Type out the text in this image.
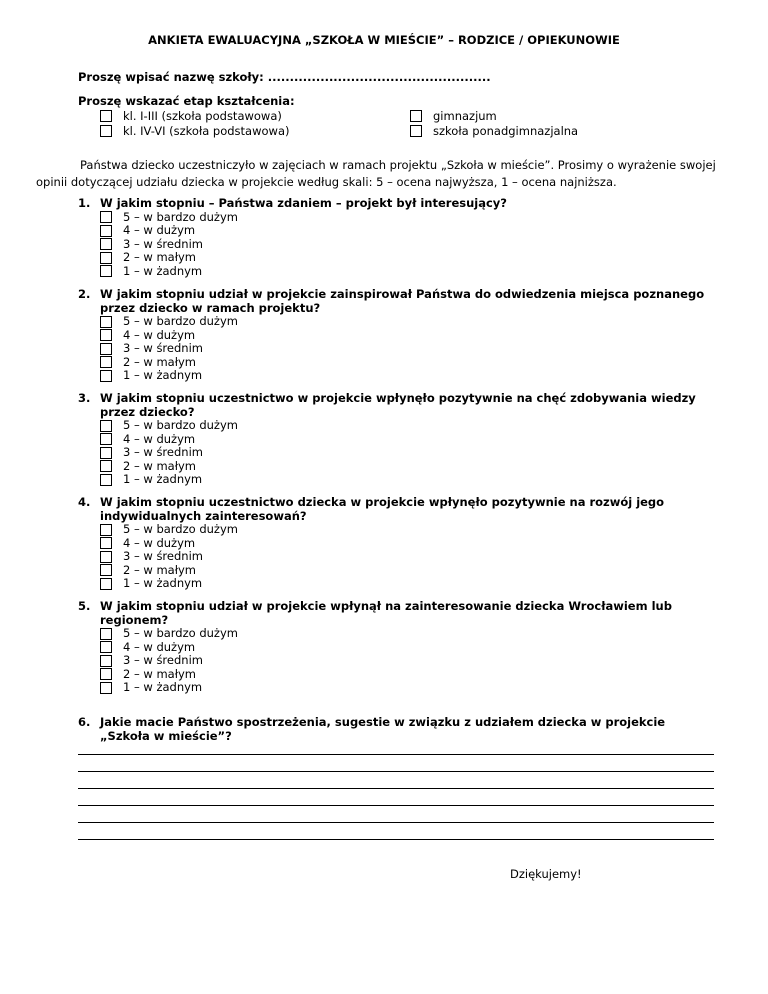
ANKIETA EWALUACYJNA „SZKOŁA W MIEŚCIE” – RODZICE / OPIEKUNOWIE
Proszę wpisać nazwę szkoły: ...................................................
Proszę wskazać etap kształcenia:
kl. I-III (szkoła podstawowa)
kl. IV-VI (szkoła podstawowa)
gimnazjum
szkoła ponadgimnazjalna
Państwa dziecko uczestniczyło w zajęciach w ramach projektu „Szkoła w mieście”. Prosimy o wyrażenie swojej opinii dotyczącej udziału dziecka w projekcie według skali: 5 – ocena najwyższa, 1 – ocena najniższa.
1. W jakim stopniu – Państwa zdaniem – projekt był interesujący?
5 – w bardzo dużym
4 – w dużym
3 – w średnim
2 – w małym
1 – w żadnym
2. W jakim stopniu udział w projekcie zainspirował Państwa do odwiedzenia miejsca poznanego przez dziecko w ramach projektu?
5 – w bardzo dużym
4 – w dużym
3 – w średnim
2 – w małym
1 – w żadnym
3. W jakim stopniu uczestnictwo w projekcie wpłynęło pozytywnie na chęć zdobywania wiedzy przez dziecko?
5 – w bardzo dużym
4 – w dużym
3 – w średnim
2 – w małym
1 – w żadnym
4. W jakim stopniu uczestnictwo dziecka w projekcie wpłynęło pozytywnie na rozwój jego indywidualnych zainteresowań?
5 – w bardzo dużym
4 – w dużym
3 – w średnim
2 – w małym
1 – w żadnym
5. W jakim stopniu udział w projekcie wpłynął na zainteresowanie dziecka Wrocławiem lub regionem?
5 – w bardzo dużym
4 – w dużym
3 – w średnim
2 – w małym
1 – w żadnym
6. Jakie macie Państwo spostrzeżenia, sugestie w związku z udziałem dziecka w projekcie „Szkoła w mieście”?
Dziękujemy!
